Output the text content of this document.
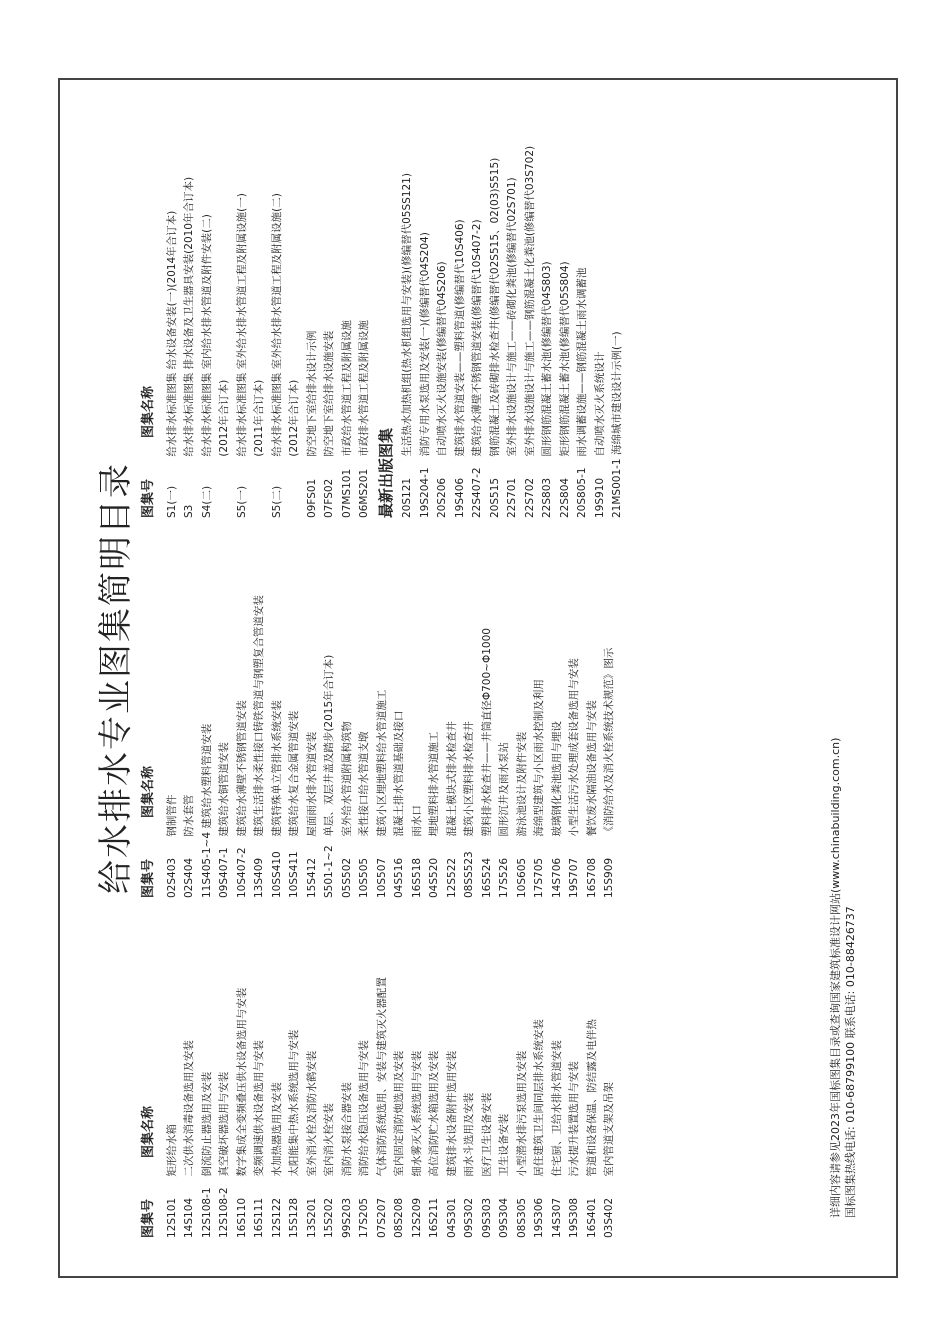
给水排水专业图集简明目录
图集号图集名称
12S101 矩形给水箱
14S104 二次供水消毒设备选用及安装
12S108-1 倒流防止器选用及安装
12S108-2 真空破坏器选用与安装
16S110 数字集成全变频叠压供水设备选用与安装
16S111 变频调速供水设备选用与安装
12S122 水加热器选用及安装
15S128 太阳能集中热水系统选用与安装
13S201 室外消火栓及消防水鹤安装
15S202 室内消火栓安装
99S203 消防水泵接合器安装
17S205 消防给水稳压设备选用与安装
07S207 气体消防系统选用、安装与建筑灭火器配置
08S208 室内固定消防炮选用及安装
12S209 细水雾灭火系统选用与安装
16S211 高位消防贮水箱选用及安装
04S301 建筑排水设备附件选用安装
09S302 雨水斗选用及安装
09S303 医疗卫生设备安装
09S304 卫生设备安装
08S305 小型潜水排污泵选用及安装
19S306 居住建筑卫生间同层排水系统安装
14S307 住宅厨、卫给水排水管道安装
19S308 污水提升装置选用与安装
16S401 管道和设备保温、防结露及电伴热
03S402 室内管道支架及吊架
图集号图集名称
02S403 钢制管件
02S404 防水套管
11S405-1~4 建筑给水塑料管道安装
09S407-1 建筑给水铜管道安装
10S407-2 建筑给水薄壁不锈钢管道安装
13S409 建筑生活排水柔性接口铸铁管道与钢塑复合管道安装
10SS410 建筑特殊单立管排水系统安装
10SS411 建筑给水复合金属管道安装
15S412 屋面雨水排水管道安装
S501-1~2 单层、双层井盖及踏步(2015年合订本)
05S502 室外给水管道附属构筑物
10S505 柔性接口给水管道支墩
10S507 建筑小区埋地塑料给水管道施工
04S516 混凝土排水管道基础及接口
16S518 雨水口
04S520 埋地塑料排水管道施工
12S522 混凝土模块式排水检查井
08SS523 建筑小区塑料排水检查井
16S524 塑料排水检查井——井筒直径Φ700~Φ1000
17S526 圆形沉井及雨水泵站
10S605 游泳池设计及附件安装
17S705 海绵型建筑与小区雨水控制及利用
14S706 玻璃钢化粪池选用与埋设
19S707 小型生活污水处理成套设备选用与安装
16S708 餐饮废水隔油设备选用与安装
15S909 《消防给水及消火栓系统技术规范》图示
图集号图集名称
S1(一) 给水排水标准图集 给水设备安装(一)(2014年合订本)
S3 给水排水标准图集 排水设备及卫生器具安装(2010年合订本)
S4(二) 给水排水标准图集 室内给水排水管道及附件安装(二) (2012年合订本)
S5(一) 给水排水标准图集 室外给水排水管道工程及附属设施(一) (2011年合订本)
S5(二) 给水排水标准图集 室外给水排水管道工程及附属设施(二) (2012年合订本)
09FS01 防空地下室给排水设计示例
07FS02 防空地下室给排水设施安装
07MS101 市政给水管道工程及附属设施
06MS201 市政排水管道工程及附属设施
最新出版图集 20S121 生活热水加热机组(热水机组选用与安装)(修编替代05SS121)
19S204-1 消防专用水泵选用及安装(一)(修编替代04S204)
20S206 自动喷水灭火设施安装(修编替代04S206)
19S406 建筑排水管道安装——塑料管道(修编替代10S406)
22S407-2 建筑给水薄壁不锈钢管道安装(修编替代10S407-2)
20S515 钢筋混凝土及砖砌排水检查井(修编替代02S515、02(03)S515)
22S701 室外排水设施设计与施工——砖砌化粪池(修编替代02S701)
22S702 室外排水设施设计与施工——钢筋混凝土化粪池(修编替代03S702)
22S803 圆形钢筋混凝土蓄水池(修编替代04S803)
22S804 矩形钢筋混凝土蓄水池(修编替代05S804)
20S805-1 雨水调蓄设施——钢筋混凝土雨水调蓄池
19S910 自动喷水灭火系统设计
21MS001-1 海绵城市建设设计示例(一)
详细内容请参见2023年国标图集目录或查询国家建筑标准设计网站(www.chinabuilding.com.cn) 国标图集热线电话: 010-68799100 联系电话: 010-88426737
